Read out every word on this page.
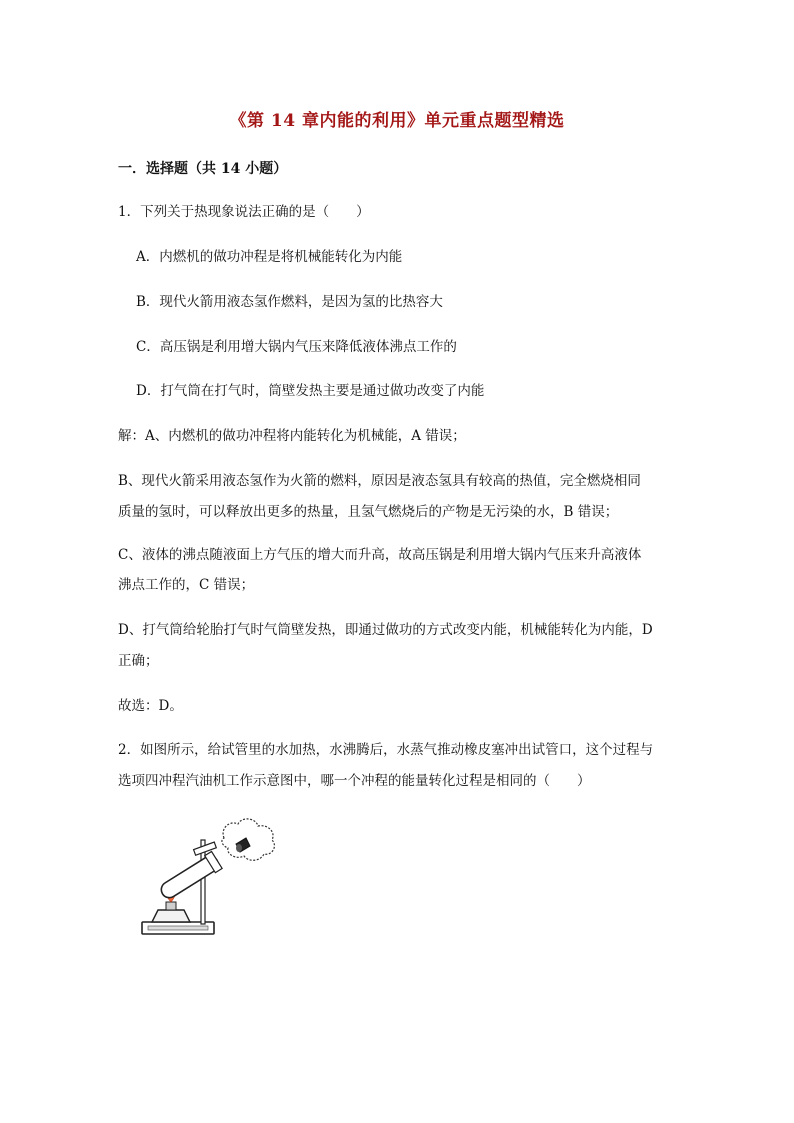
《第 14 章内能的利用》单元重点题型精选
一．选择题（共 14 小题）
1．下列关于热现象说法正确的是（　　）
A．内燃机的做功冲程是将机械能转化为内能
B．现代火箭用液态氢作燃料，是因为氢的比热容大
C．高压锅是利用增大锅内气压来降低液体沸点工作的
D．打气筒在打气时，筒壁发热主要是通过做功改变了内能
解：A、内燃机的做功冲程将内能转化为机械能，A 错误；
B、现代火箭采用液态氢作为火箭的燃料，原因是液态氢具有较高的热值，完全燃烧相同
质量的氢时，可以释放出更多的热量，且氢气燃烧后的产物是无污染的水，B 错误；
C、液体的沸点随液面上方气压的增大而升高，故高压锅是利用增大锅内气压来升高液体
沸点工作的，C 错误；
D、打气筒给轮胎打气时气筒壁发热，即通过做功的方式改变内能，机械能转化为内能，D
正确；
故选：D。
2．如图所示，给试管里的水加热，水沸腾后，水蒸气推动橡皮塞冲出试管口，这个过程与
选项四冲程汽油机工作示意图中，哪一个冲程的能量转化过程是相同的（　　）
